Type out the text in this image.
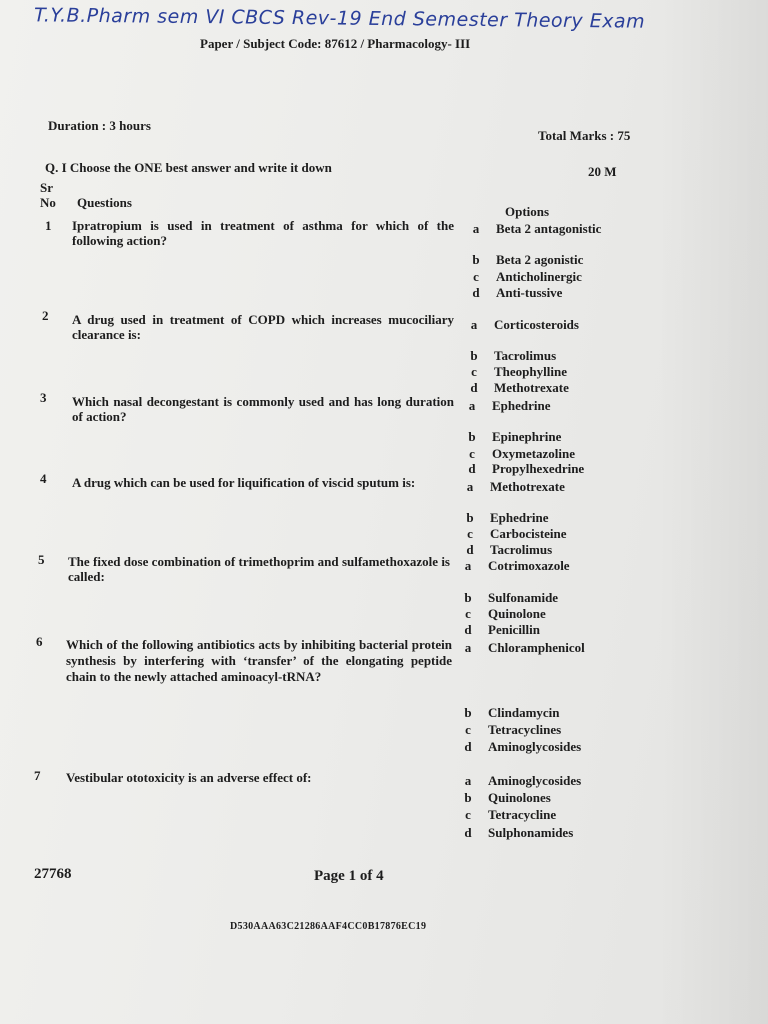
T.Y.B.Pharm sem VI CBCS Rev-19 End Semester Theory Exam
Paper / Subject Code: 87612 / Pharmacology- III
Duration : 3 hours
Total Marks : 75
Q. I Choose the ONE best answer and write it down	20 M
Sr
No Questions
Options
1 Ipratropium is used in treatment of asthma for which of the following action?
a Beta 2 antagonistic
b Beta 2 agonistic
c Anticholinergic
d Anti-tussive
2 A drug used in treatment of COPD which increases mucociliary clearance is:
a Corticosteroids
b Tacrolimus
c Theophylline
d Methotrexate
3 Which nasal decongestant is commonly used and has long duration of action?
a Ephedrine
b Epinephrine
c Oxymetazoline
d Propylhexedrine
4 A drug which can be used for liquification of viscid sputum is:	a Methotrexate
b Ephedrine
c Carbocisteine
d Tacrolimus
5 The fixed dose combination of trimethoprim and sulfamethoxazole is called:
a Cotrimoxazole
b Sulfonamide
c Quinolone
d Penicillin
6 Which of the following antibiotics acts by inhibiting bacterial protein synthesis by interfering with ‘transfer’ of the elongating peptide chain to the newly attached aminoacyl-tRNA?
a Chloramphenicol
b Clindamycin
c Tetracyclines
d Aminoglycosides
7 Vestibular ototoxicity is an adverse effect of:	a Aminoglycosides
b Quinolones
c Tetracycline
d Sulphonamides
27768	Page 1 of 4
D530AAA63C21286AAF4CC0B17876EC19
